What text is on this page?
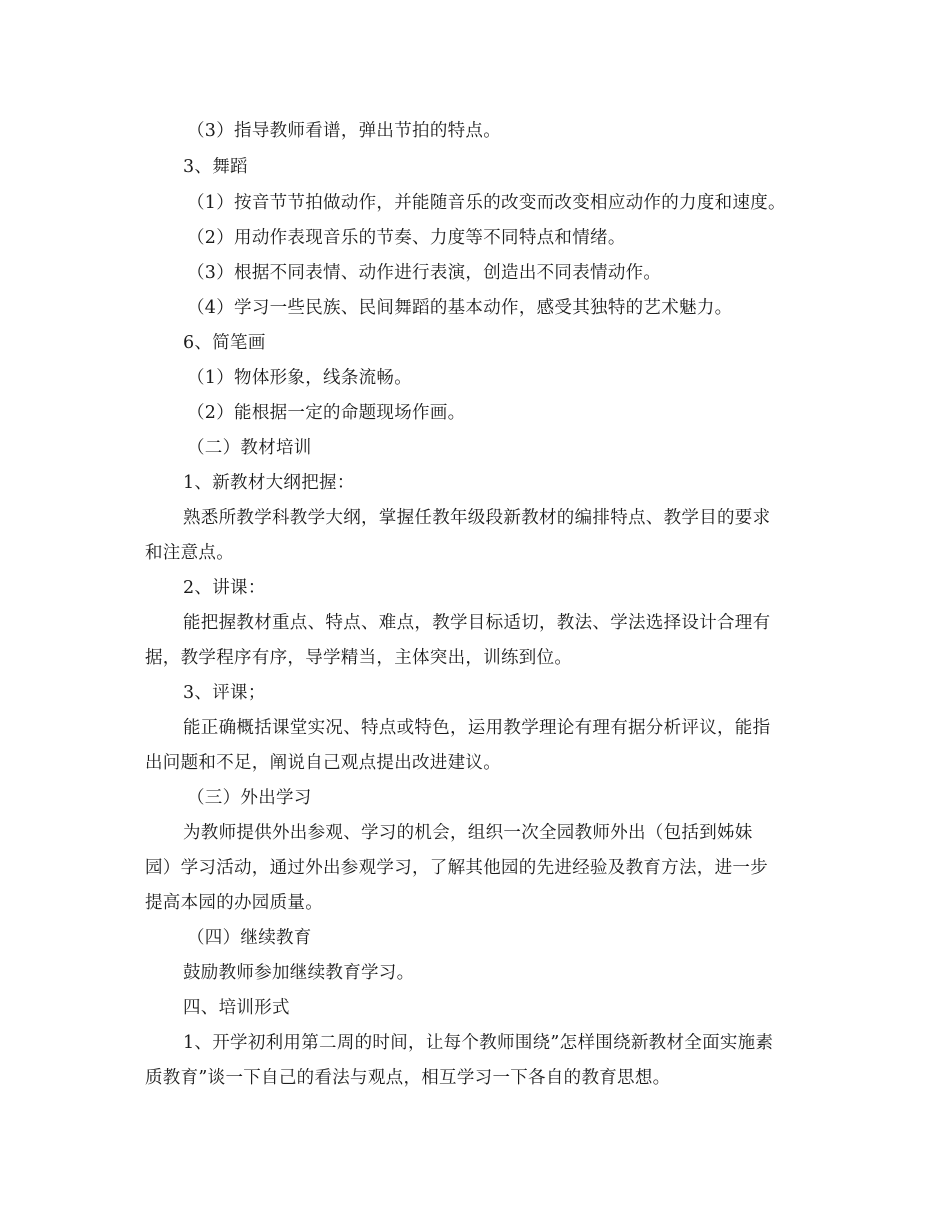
（3）指导教师看谱，弹出节拍的特点。
3、舞蹈
（1）按音节节拍做动作，并能随音乐的改变而改变相应动作的力度和速度。
（2）用动作表现音乐的节奏、力度等不同特点和情绪。
（3）根据不同表情、动作进行表演，创造出不同表情动作。
（4）学习一些民族、民间舞蹈的基本动作，感受其独特的艺术魅力。
6、简笔画
（1）物体形象，线条流畅。
（2）能根据一定的命题现场作画。
（二）教材培训
1、新教材大纲把握：
熟悉所教学科教学大纲，掌握任教年级段新教材的编排特点、教学目的要求
和注意点。
2、讲课：
能把握教材重点、特点、难点，教学目标适切，教法、学法选择设计合理有
据，教学程序有序，导学精当，主体突出，训练到位。
3、评课；
能正确概括课堂实况、特点或特色，运用教学理论有理有据分析评议，能指
出问题和不足，阐说自己观点提出改进建议。
（三）外出学习
为教师提供外出参观、学习的机会，组织一次全园教师外出（包括到姊妹
园）学习活动，通过外出参观学习，了解其他园的先进经验及教育方法，进一步
提高本园的办园质量。
（四）继续教育
鼓励教师参加继续教育学习。
四、培训形式
1、开学初利用第二周的时间，让每个教师围绕”怎样围绕新教材全面实施素
质教育”谈一下自己的看法与观点，相互学习一下各自的教育思想。
